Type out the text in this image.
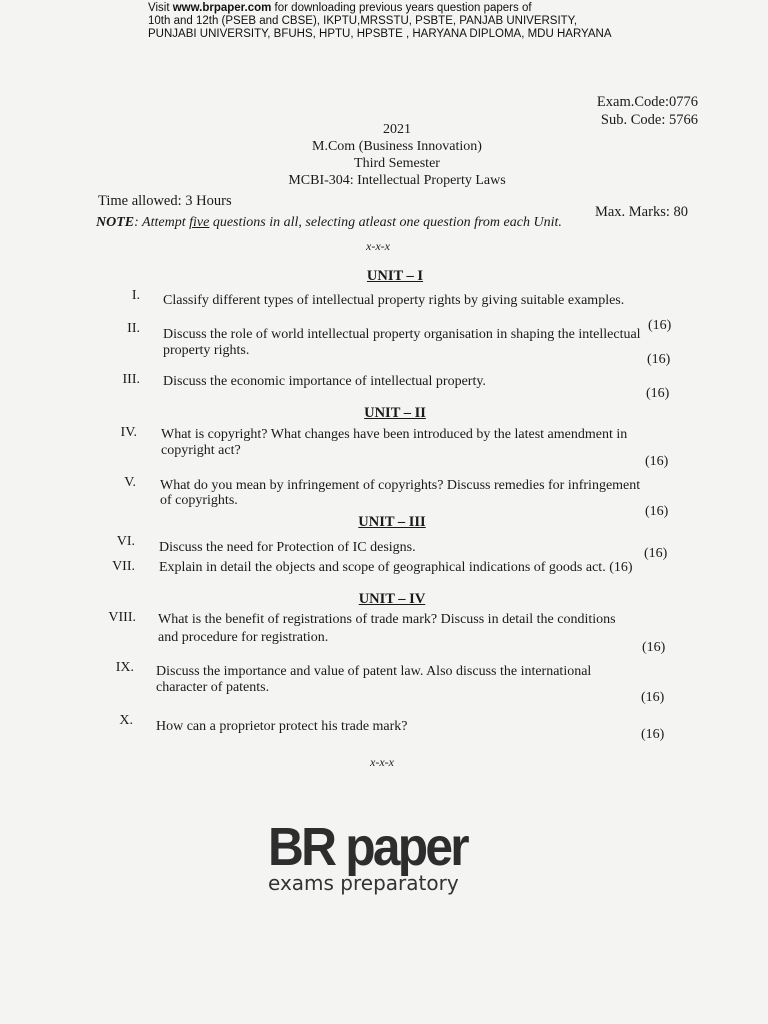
Visit www.brpaper.com for downloading previous years question papers of
10th and 12th (PSEB and CBSE), IKPTU,MRSSTU, PSBTE, PANJAB UNIVERSITY,
PUNJABI UNIVERSITY, BFUHS, HPTU, HPSBTE , HARYANA DIPLOMA, MDU HARYANA
Exam.Code:0776
Sub. Code: 5766
2021
M.Com (Business Innovation)
Third Semester
MCBI-304: Intellectual Property Laws
Time allowed: 3 Hours
Max. Marks: 80
NOTE: Attempt five questions in all, selecting atleast one question from each Unit.
x-x-x
UNIT – I
UNIT – II
UNIT – III
UNIT – IV
I. Classify different types of intellectual property rights by giving suitable examples.
(16)
II. Discuss the role of world intellectual property organisation in shaping the intellectual
property rights.
(16)
III. Discuss the economic importance of intellectual property.
(16)
IV. What is copyright? What changes have been introduced by the latest amendment in
copyright act?
(16)
V. What do you mean by infringement of copyrights? Discuss remedies for infringement
of copyrights.
(16)
VI. Discuss the need for Protection of IC designs.	(16)
VII. Explain in detail the objects and scope of geographical indications of goods act. (16)
VIII. What is the benefit of registrations of trade mark? Discuss in detail the conditions
and procedure for registration.
(16)
IX. Discuss the importance and value of patent law. Also discuss the international
character of patents.
(16)
X. How can a proprietor protect his trade mark?
(16)
x-x-x
BR paper
exams preparatory
